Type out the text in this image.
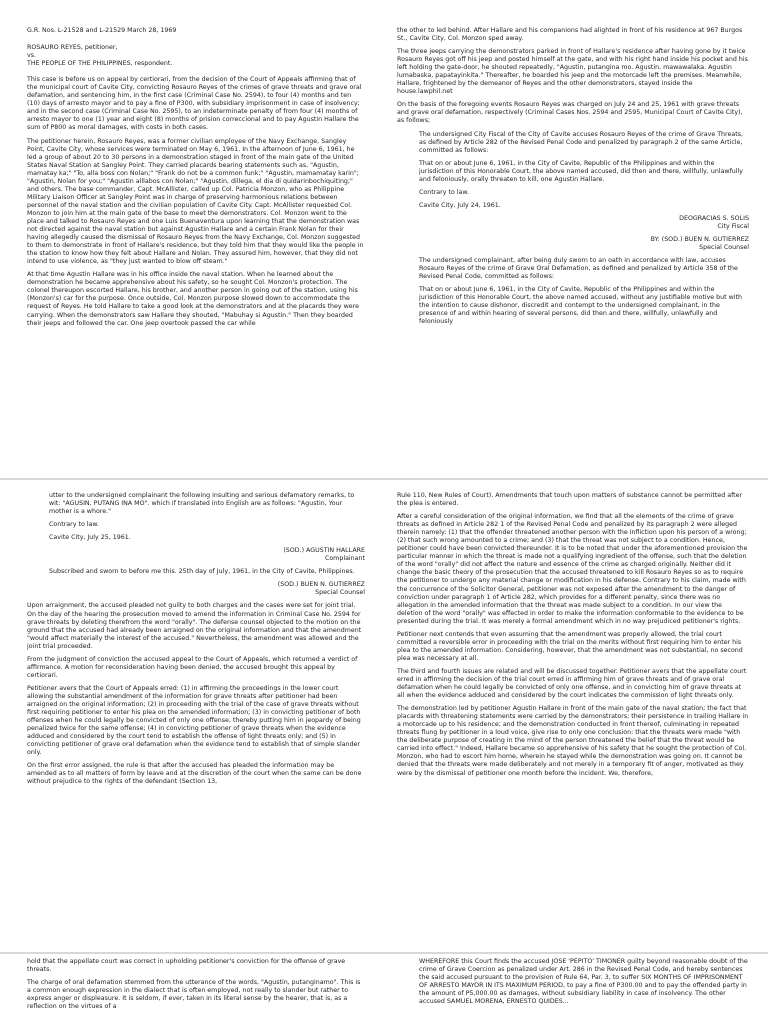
G.R. Nos. L-21528 and L-21529 March 28, 1969

ROSAURO REYES, petitioner,
vs.
THE PEOPLE OF THE PHILIPPINES, respondent.

This case is before us on appeal by certiorari, from the decision of the Court of Appeals affirming that of the municipal court of Cavite City, convicting Rosauro Reyes of the crimes of grave threats and grave oral defamation, and sentencing him, in the first case (Criminal Case No. 2594), to four (4) months and ten (10) days of arresto mayor and to pay a fine of P300, with subsidiary imprisonment in case of insolvency; and in the second case (Criminal Case No. 2595), to an indeterminate penalty of from four (4) months of arresto mayor to one (1) year and eight (8) months of prision correccional and to pay Agustin Hallare the sum of P800 as moral damages, with costs in both cases.

The petitioner herein, Rosauro Reyes, was a former civilian employee of the Navy Exchange, Sangley Point, Cavite City, whose services were terminated on May 6, 1961. In the afternoon of June 6, 1961, he led a group of about 20 to 30 persons in a demonstration staged in front of the main gate of the United States Naval Station at Sangley Point. They carried placards bearing statements such as, "Agustin, mamatay ka;" "To, alla boss con Nolan;" "Frank do not be a common funk;" "Agustin, mamamatay karin"; "Agustin, Nolan for you;" "Agustin alllabos con Nolan;" "Agustin, dillega, el dia di quidarinbochiquiting;" and others. The base commander, Capt. McAllister, called up Col. Patricia Monzon, who as Philippine Military Liaison Officer at Sangley Point was in charge of preserving harmonious relations between personnel of the naval station and the civilian population of Cavite City. Capt. McAllister requested Col. Monzon to join him at the main gate of the base to meet the demonstrators. Col. Monzon went to the place and talked to Rosauro Reyes and one Luis Buenaventura upon learning that the demonstration was not directed against the naval station but against Agustin Hallare and a certain Frank Nolan for their having allegedly caused the dismissal of Rosauro Reyes from the Navy Exchange, Col. Monzon suggested to them to demonstrate in front of Hallare's residence, but they told him that they would like the people in the station to know how they felt about Hallare and Nolan. They assured him, however, that they did not intend to use violence, as "they just wanted to blow off steam."

At that time Agustin Hallare was in his office inside the naval station. When he learned about the demonstration he became apprehensive about his safety, so he sought Col. Monzon's protection. The colonel thereupon escorted Hallare, his brother, and another person in going out of the station, using his (Monzon's) car for the purpose. Once outside, Col. Monzon purpose slowed down to accommodate the request of Reyes. He told Hallare to take a good look at the demonstrators and at the placards they were carrying. When the demonstrators saw Hallare they shouted, "Mabuhay si Agustin." Then they boarded their jeeps and followed the car. One jeep overtook passed the car while

the other to led behind. After Hallare and his companions had alighted in front of his residence at 967 Burgos St., Cavite City, Col. Monzon sped away.

The three jeeps carrying the demonstrators parked in front of Hallare's residence after having gone by it twice Rosauro Reyes got off his jeep and posted himself at the gate, and with his right hand inside his pocket and his left holding the gate-door, he shouted repeatedly, "Agustin, putangina mo. Agustin, mawawalaka. Agustin lumabaska, papatayinkita." Thereafter, he boarded his jeep and the motorcade left the premises. Meanwhile, Hallare, frightened by the demeanor of Reyes and the other demonstrators, stayed inside the house.lawphil.net

On the basis of the foregoing events Rosauro Reyes was charged on July 24 and 25, 1961 with grave threats and grave oral defamation, respectively (Criminal Cases Nos. 2594 and 2595, Municipal Court of Cavite City), as follows;

The undersigned City Fiscal of the City of Cavite accuses Rosauro Reyes of the crime of Grave Threats, as defined by Article 282 of the Revised Penal Code and penalized by paragraph 2 of the same Article, committed as follows:

That on or about June 6, 1961, in the City of Cavite, Republic of the Philippines and within the jurisdiction of this Honorable Court, the above named accused, did then and there, willfully, unlawfully and feloniously, orally threaten to kill, one Agustin Hallare.

Contrary to law.

Cavite City, July 24, 1961.

DEOGRACIAS S. SOLIS
City Fiscal

BY: (SOD.) BUEN N. GUTIERREZ
Special Counsel

The undersigned complainant, after being duly sworn to an oath in accordance with law, accuses Rosauro Reyes of the crime of Grave Oral Defamation, as defined and penalized by Article 358 of the Revised Penal Code, committed as follows:

That on or about June 6, 1961, in the City of Cavite, Republic of the Philippines and within the jurisdiction of this Honorable Court, the above named accused, without any justifiable motive but with the intention to cause dishonor, discredit and contempt to the undersigned complainant, in the presence of and within hearing of several persons, did then and there, willfully, unlawfully and feloniously

utter to the undersigned complainant the following insulting and serious defamatory remarks, to wit: "AGUSIN, PUTANG INA MO". which if translated into English are as follows: "Agustin, Your mother is a whore."

Contrary to law.

Cavite City, July 25, 1961.

(SOD.) AGUSTIN HALLARE
Complainant

Subscribed and sworn to before me this. 25th day of July, 1961, in the City of Cavite, Philippines.

(SOD.) BUEN N. GUTIERREZ
Special Counsel

Upon arraignment, the accused pleaded not guilty to both charges and the cases were set for joint trial. On the day of the hearing the prosecution moved to amend the information in Criminal Case No. 2594 for grave threats by deleting therefrom the word "orally". The defense counsel objected to the motion on the ground that the accused had already been arraigned on the original information and that the amendment "would affect materially the interest of the accused." Nevertheless, the amendment was allowed and the joint trial proceeded.

From the judgment of conviction the accused appeal to the Court of Appeals, which returned a verdict of affirmance. A motion for reconsideration having been denied, the accused brought this appeal by certiorari.

Petitioner avers that the Court of Appeals erred: (1) in affirming the proceedings in the lower court allowing the substantial amendment of the information for grave threats after petitioner had been arraigned on the original information; (2) in proceeding with the trial of the case of grave threats without first requiring petitioner to enter his plea on the amended information; (3) in convicting petitioner of both offenses when he could legally be convicted of only one offense, thereby putting him in jeopardy of being penalized twice for the same offense; (4) in convicting petitioner of grave threats when the evidence adduced and considered by the court tend to establish the offense of light threats only; and (5) in convicting petitioner of grave oral defamation when the evidence tend to establish that of simple slander only.

On the first error assigned, the rule is that after the accused has pleaded the information may be amended as to all matters of form by leave and at the discretion of the court when the same can be done without prejudice to the rights of the defendant (Section 13,

Rule 110, New Rules of Court). Amendments that touch upon matters of substance cannot be permitted after the plea is entered.

After a careful consideration of the original information, we find that all the elements of the crime of grave threats as defined in Article 282 1 of the Revised Penal Code and penalized by its paragraph 2 were alleged therein namely: (1) that the offender threatened another person with the infliction upon his person of a wrong; (2) that such wrong amounted to a crime; and (3) that the threat was not subject to a condition. Hence, petitioner could have been convicted thereunder. It is to be noted that under the aforementioned provision the particular manner in which the threat is made not a qualifying ingredient of the offense, such that the deletion of the word "orally" did not affect the nature and essence of the crime as charged originally. Neither did it change the basic theory of the prosecution that the accused threatened to kill Rosauro Reyes so as to require the petitioner to undergo any material change or modification in his defense. Contrary to his claim, made with the concurrence of the Solicitor General, petitioner was not exposed after the amendment to the danger of conviction under paragraph 1 of Article 282, which provides for a different penalty, since there was no allegation in the amended information that the threat was made subject to a condition. In our view the deletion of the word "orally" was effected in order to make the information conformable to the evidence to be presented during the trial. It was merely a formal amendment which in no way prejudiced petitioner's rights.

Petitioner next contends that even assuming that the amendment was properly allowed, the trial court committed a reversible error in proceeding with the trial on the merits without first requiring him to enter his plea to the amended information. Considering, however, that the amendment was not substantial, no second plea was necessary at all.

The third and fourth issues are related and will be discussed together. Petitioner avers that the appellate court erred in affirming the decision of the trial court erred in affirming him of grave threats and of grave oral defamation when he could legally be convicted of only one offense, and in convicting him of grave threats at all when the evidence adduced and considered by the court indicates the commission of light threats only.

The demonstration led by petitioner Agustin Hallare in front of the main gate of the naval station; the fact that placards with threatening statements were carried by the demonstrators; their persistence in trailing Hallare in a motorcade up to his residence; and the demonstration conducted in front thereof, culminating in repeated threats flung by petitioner in a loud voice, give rise to only one conclusion: that the threats were made "with the deliberate purpose of creating in the mind of the person threatened the belief that the threat would be carried into effect." Indeed, Hallare became so apprehensive of his safety that he sought the protection of Col. Monzon, who had to escort him home, wherein he stayed while the demonstration was going on. It cannot be denied that the threats were made deliberately and not merely in a temporary fit of anger, motivated as they were by the dismissal of petitioner one month before the incident. We, therefore,

hold that the appellate court was correct in upholding petitioner's conviction for the offense of grave threats.

The charge of oral defamation stemmed from the utterance of the words, "Agustin, putanginamo". This is a common enough expression in the dialect that is often employed, not really to slander but rather to express anger or displeasure. It is seldom, if ever, taken in its literal sense by the hearer, that is, as a reflection on the virtues of a

WHEREFORE this Court finds the accused JOSE 'PEPITO' TIMONER guilty beyond reasonable doubt of the crime of Grave Coercion as penalized under Art. 286 in the Revised Penal Code, and hereby sentences the said accused pursuant to the provision of Rule 64, Par. 3, to suffer SIX MONTHS OF IMPRISONMENT OF ARRESTO MAYOR IN ITS MAXIMUM PERIOD, to pay a fine of P300.00 and to pay the offended party in the amount of P5,000.00 as damages, without subsidiary liability in case of insolvency. The other accused SAMUEL MORENA, ERNESTO QUIDES...
